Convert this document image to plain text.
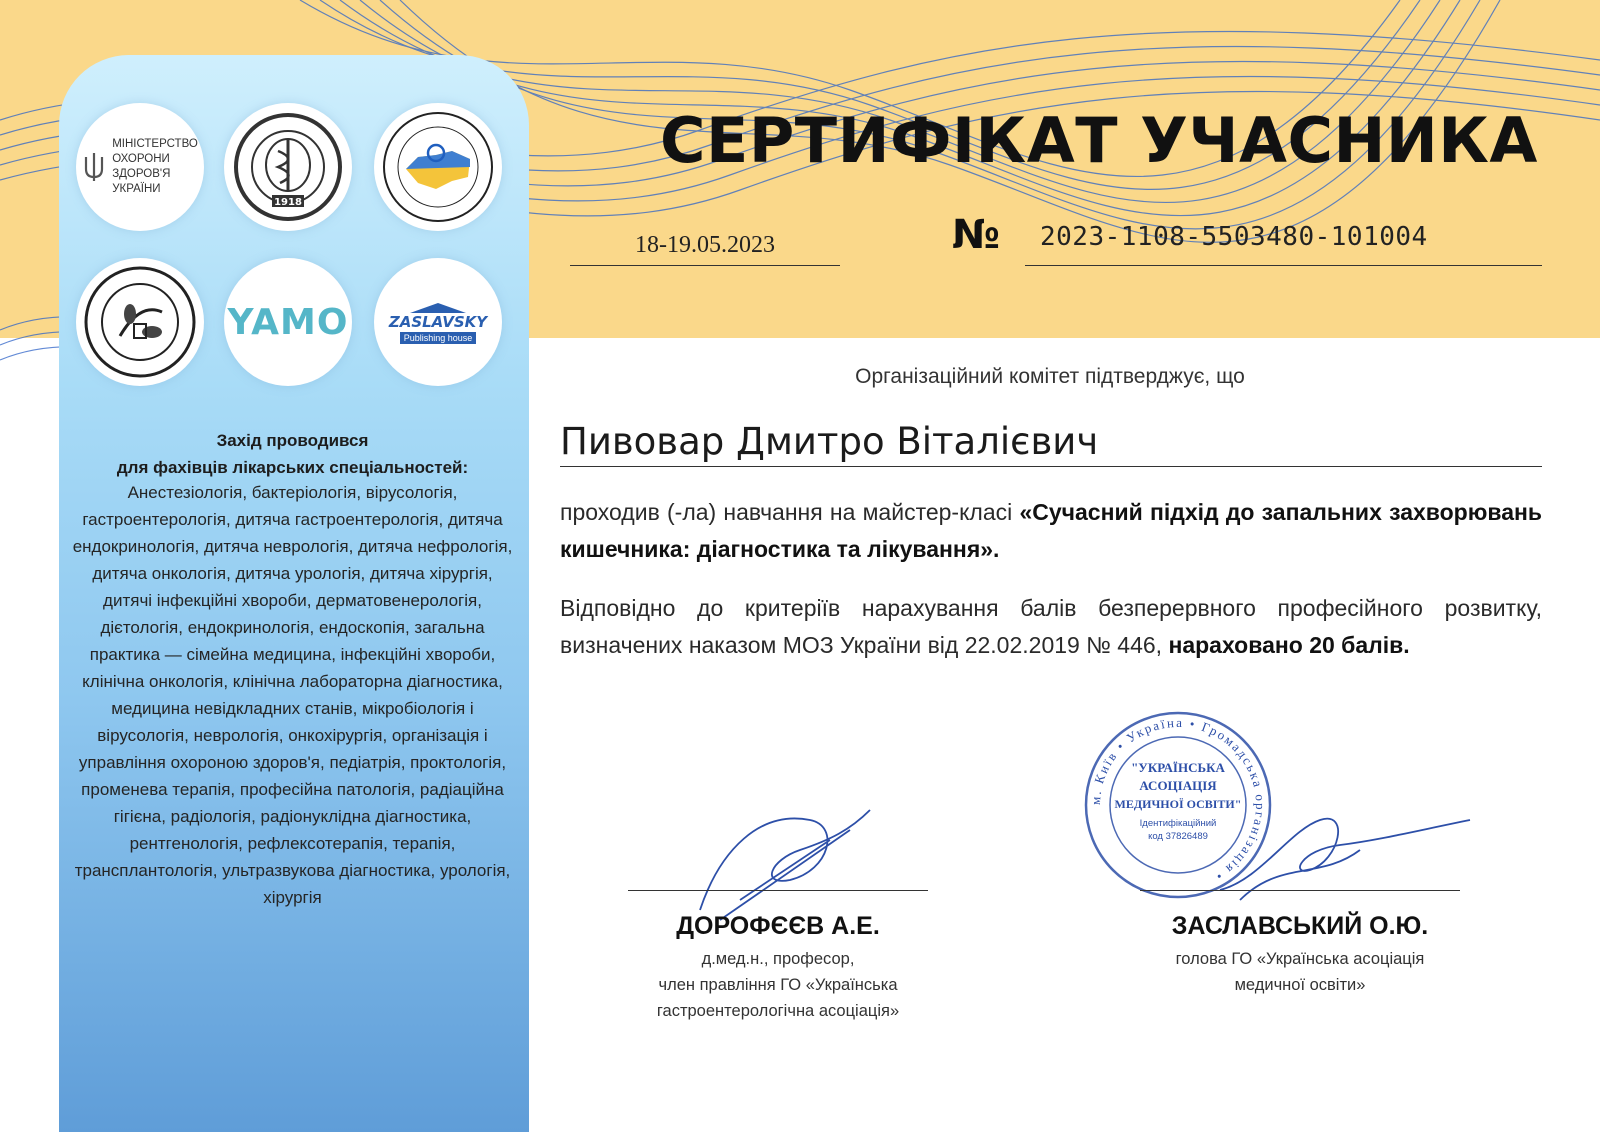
МІНІСТЕРСТВО
ОХОРОНИ
ЗДОРОВ'Я
УКРАЇНИ
1918
YAMO	ZASLAVSKY
Publishing house
Захід проводився
для фахівців лікарських спеціальностей:
Анестезіологія, бактеріологія, вірусологія, гастроентерологія, дитяча гастроентерологія, дитяча ендокринологія, дитяча неврологія, дитяча нефрологія, дитяча онкологія, дитяча урологія, дитяча хірургія, дитячі інфекційні хвороби, дерматовенерологія, дієтологія, ендокринологія, ендоскопія, загальна практика — сімейна медицина, інфекційні хвороби, клінічна онкологія, клінічна лабораторна діагностика, медицина невідкладних станів, мікробіологія і вірусологія, неврологія, онкохірургія, організація і управління охороною здоров'я, педіатрія, проктологія, променева терапія, професійна патологія, радіаційна гігієна, радіологія, радіонуклідна діагностика, рентгенологія, рефлексотерапія, терапія, трансплантологія, ультразвукова діагностика, урологія, хірургія
СЕРТИФІКАТ УЧАСНИКА
18-19.05.2023	№ 2023-1108-5503480-101004
Організаційний комітет підтверджує, що
Пивовар Дмитро Віталієвич
проходив (-ла) навчання на майстер-класі «Сучасний підхід до запальних захворювань кишечника: діагностика та лікування».
Відповідно до критеріїв нарахування балів безперервного професійного розвитку, визначених наказом МОЗ України від 22.02.2019 № 446, нараховано 20 балів.
м. Київ • Україна • Громадська організація •
"УКРАЇНСЬКА
АСОЦІАЦІЯ
МЕДИЧНОЇ ОСВІТИ"
Ідентифікаційний
код 37826489
ДОРОФЄЄВ А.Е.
д.мед.н., професор,
член правління ГО «Українська
гастроентерологічна асоціація»
ЗАСЛАВСЬКИЙ О.Ю.
голова ГО «Українська асоціація
медичної освіти»
